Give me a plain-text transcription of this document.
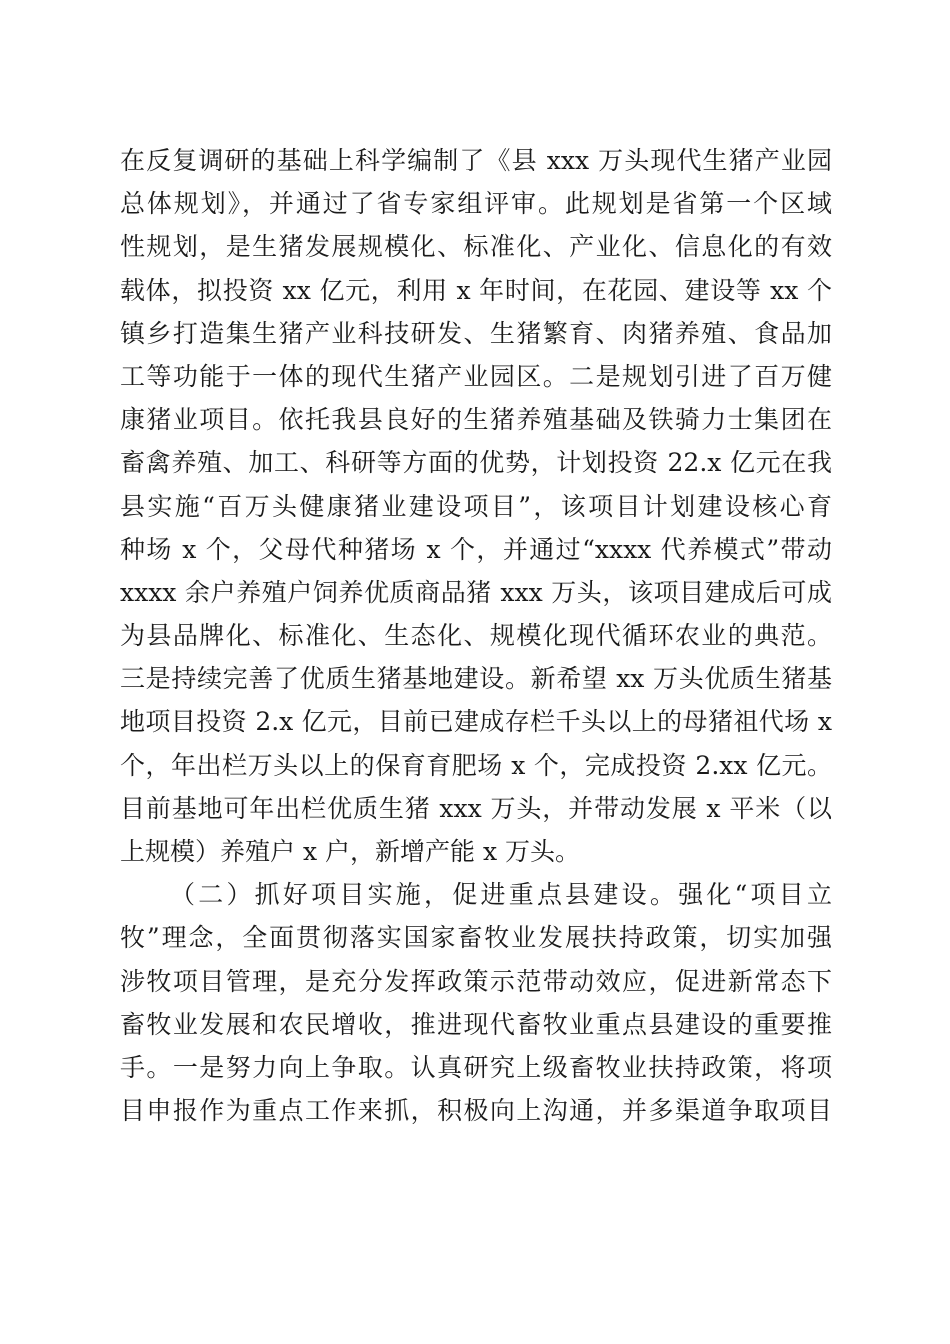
在反复调研的基础上科学编制了《县 xxx 万头现代生猪产业园
总体规划》，并通过了省专家组评审。此规划是省第一个区域
性规划，是生猪发展规模化、标准化、产业化、信息化的有效
载体，拟投资 xx 亿元，利用 x 年时间，在花园、建设等 xx 个
镇乡打造集生猪产业科技研发、生猪繁育、肉猪养殖、食品加
工等功能于一体的现代生猪产业园区。二是规划引进了百万健
康猪业项目。依托我县良好的生猪养殖基础及铁骑力士集团在
畜禽养殖、加工、科研等方面的优势，计划投资 22.x 亿元在我
县实施“百万头健康猪业建设项目”，该项目计划建设核心育
种场 x 个，父母代种猪场 x 个，并通过“xxxx 代养模式”带动
xxxx 余户养殖户饲养优质商品猪 xxx 万头，该项目建成后可成
为县品牌化、标准化、生态化、规模化现代循环农业的典范。
三是持续完善了优质生猪基地建设。新希望 xx 万头优质生猪基
地项目投资 2.x 亿元，目前已建成存栏千头以上的母猪祖代场 x
个，年出栏万头以上的保育育肥场 x 个，完成投资 2.xx 亿元。
目前基地可年出栏优质生猪 xxx 万头，并带动发展 x 平米（以
上规模）养殖户 x 户，新增产能 x 万头。
（二）抓好项目实施，促进重点县建设。强化“项目立
牧”理念，全面贯彻落实国家畜牧业发展扶持政策，切实加强
涉牧项目管理，是充分发挥政策示范带动效应，促进新常态下
畜牧业发展和农民增收，推进现代畜牧业重点县建设的重要推
手。一是努力向上争取。认真研究上级畜牧业扶持政策，将项
目申报作为重点工作来抓，积极向上沟通，并多渠道争取项目
